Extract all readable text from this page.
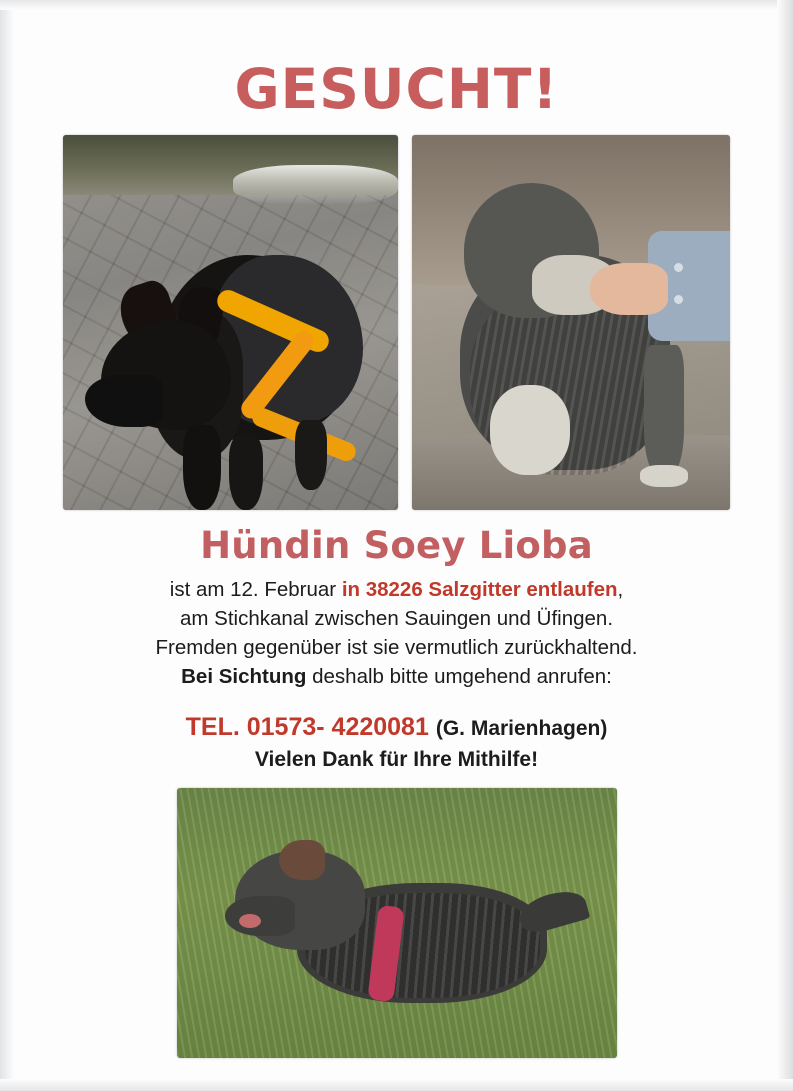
GESUCHT!
Hündin Soey Lioba

ist am 12. Februar in 38226 Salzgitter entlaufen,

am Stichkanal zwischen Sauingen und Üfingen.

Fremden gegenüber ist sie vermutlich zurückhaltend.

Bei Sichtung deshalb bitte umgehend anrufen:

TEL. 01573- 4220081 (G. Marienhagen)
Vielen Dank für Ihre Mithilfe!
